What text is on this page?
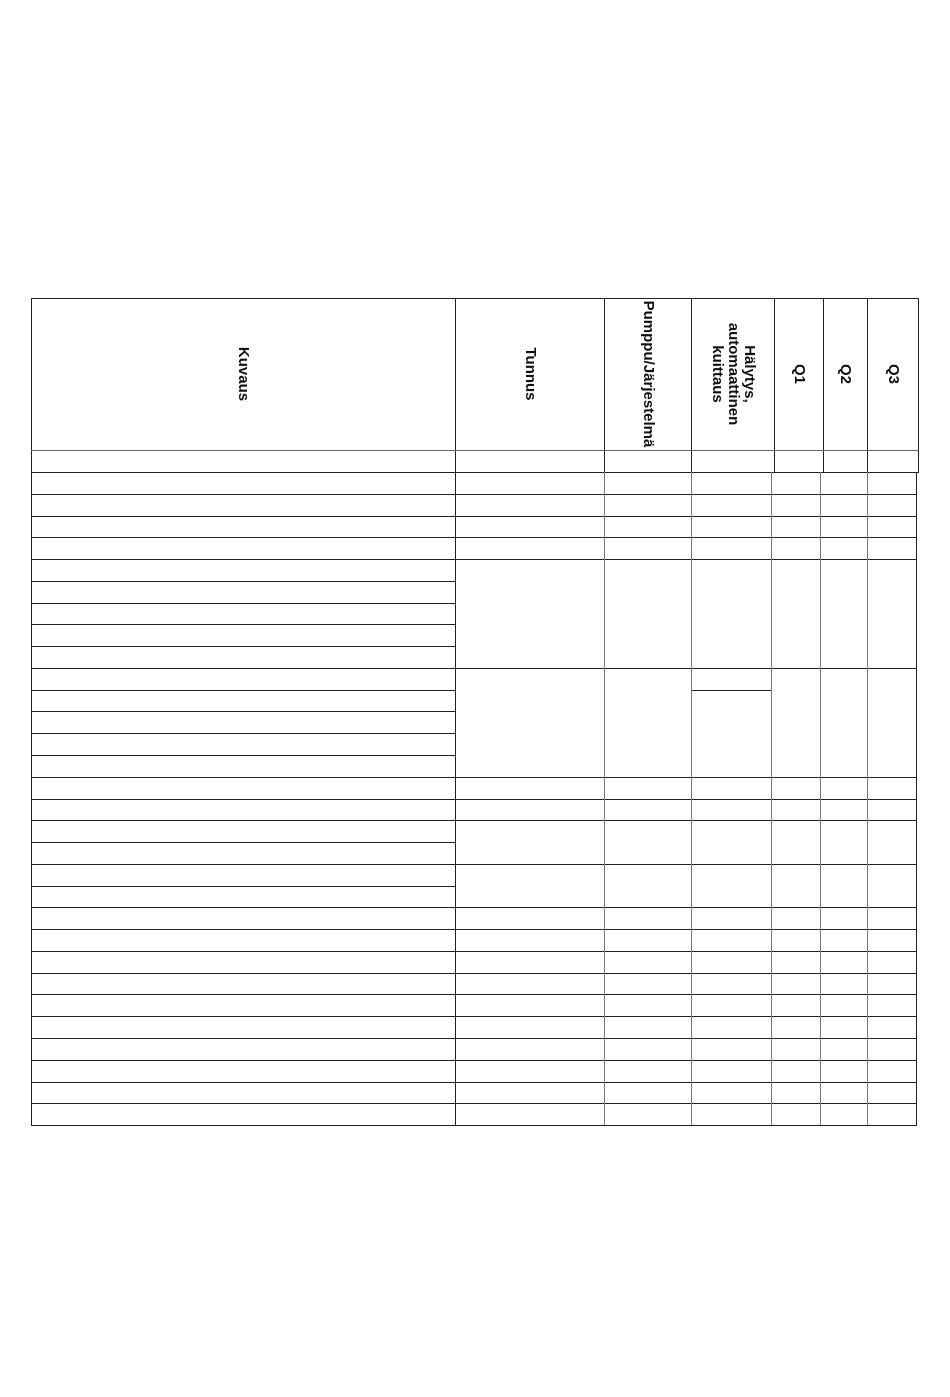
Kuvaus	Tunnus	Pumppu/Järjestelmä	Hälytys,
automaattinen
kuittaus	Q1 Q2 Q3
